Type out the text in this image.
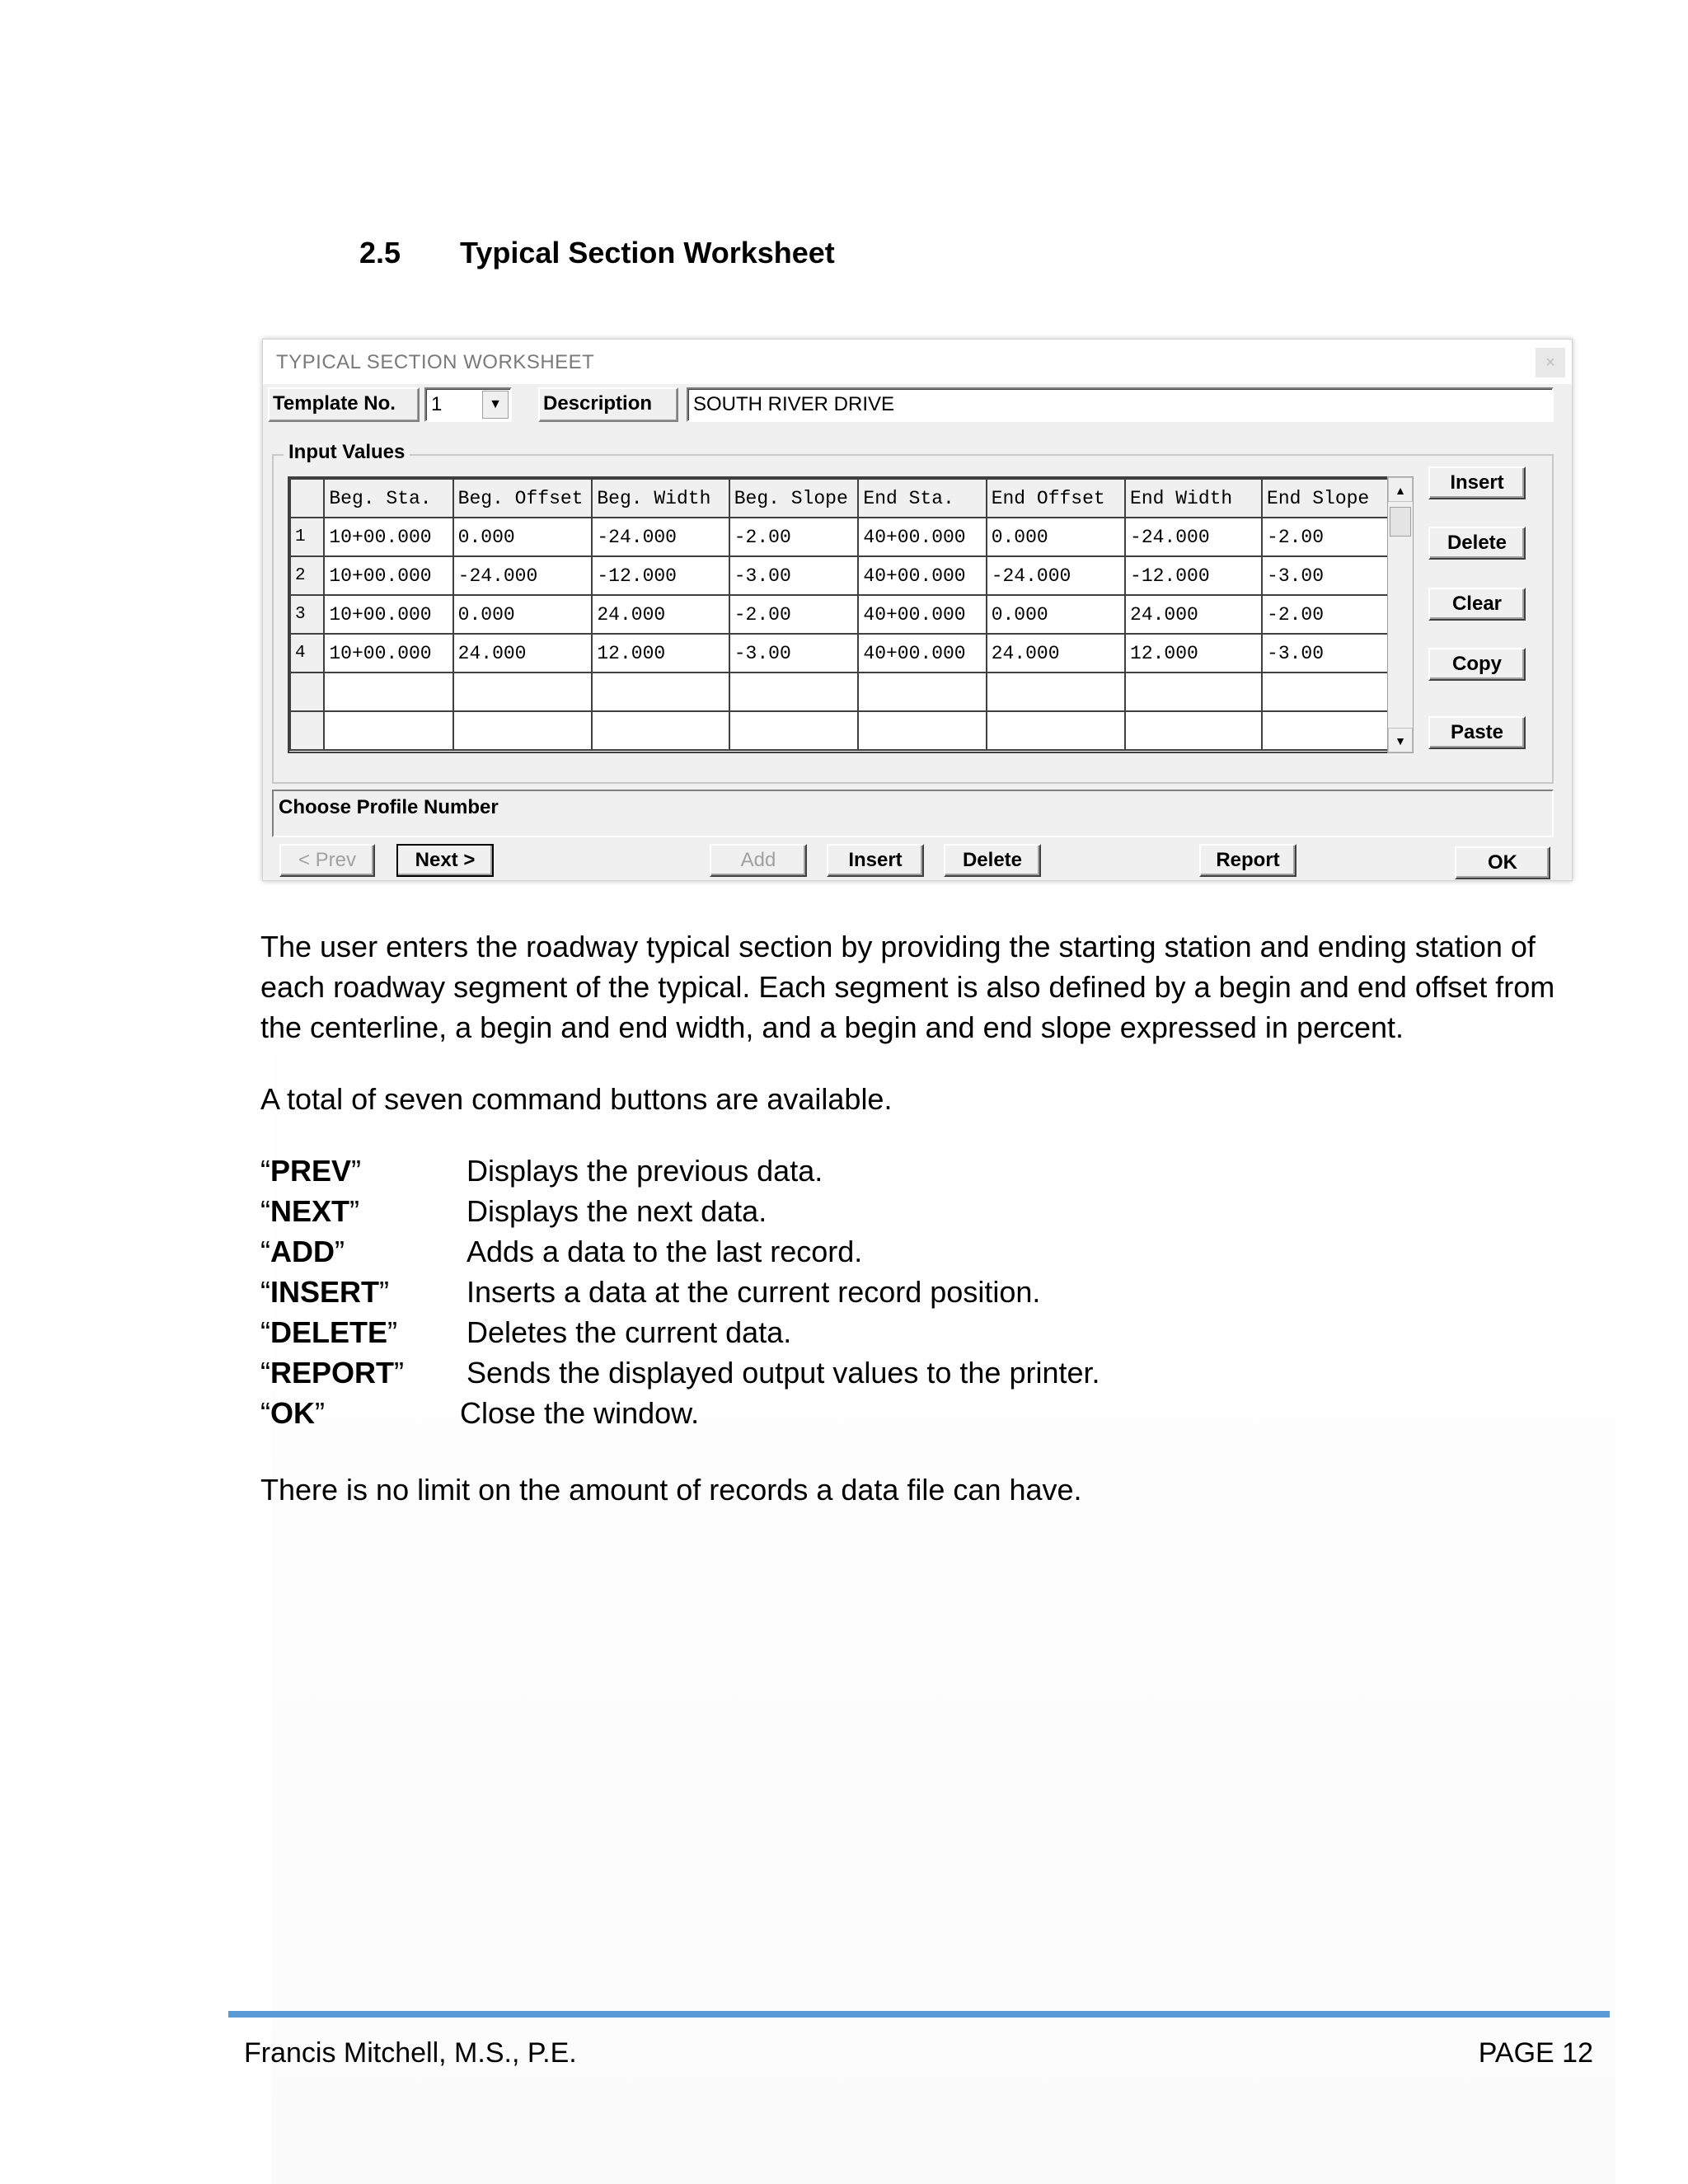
2.5 Typical Section Worksheet
TYPICAL SECTION WORKSHEET	×
Template No.	1	▼	Description	SOUTH RIVER DRIVE
Input Values
	Beg. Sta.	Beg. Offset	Beg. Width	Beg. Slope	End Sta.	End Offset	End Width	End Slope
1	10+00.000	0.000	-24.000	-2.00	40+00.000	0.000	-24.000	-2.00
2	10+00.000	-24.000	-12.000	-3.00	40+00.000	-24.000	-12.000	-3.00
3	10+00.000	0.000	24.000	-2.00	40+00.000	0.000	24.000	-2.00
4	10+00.000	24.000	12.000	-3.00	40+00.000	24.000	12.000	-3.00

▲
▼
Insert
Delete
Clear
Copy
Paste
Choose Profile Number
< Prev	Next >	Add	Insert	Delete	Report	OK
The user enters the roadway typical section by providing the starting station and ending station of each roadway segment of the typical. Each segment is also defined by a begin and end offset from the centerline, a begin and end width, and a begin and end slope expressed in percent.
A total of seven command buttons are available.
“PREV”	Displays the previous data.
“NEXT”	Displays the next data.
“ADD”	Adds a data to the last record.
“INSERT”	Inserts a data at the current record position.
“DELETE” Deletes the current data.
“REPORT” Sends the displayed output values to the printer.
“OK”	Close the window.
There is no limit on the amount of records a data file can have.
Francis Mitchell, M.S., P.E.	PAGE 12
